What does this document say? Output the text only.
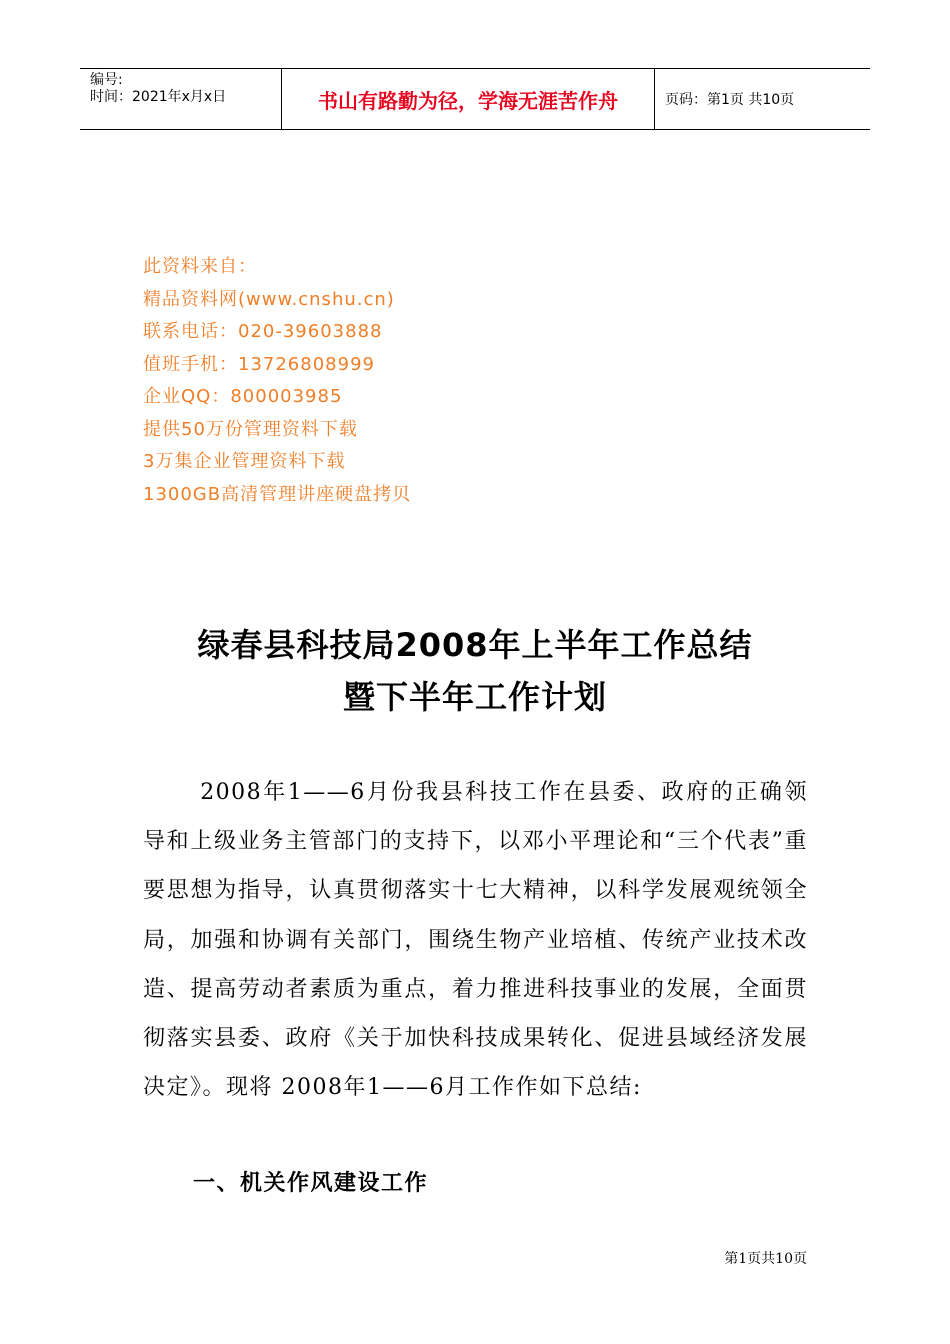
编号:
时间：2021年x月x日	书山有路勤为径，学海无涯苦作舟	页码：第1页 共10页
此资料来自：
精品资料网(www.cnshu.cn)
联系电话：020-39603888
值班手机：13726808999
企业QQ：800003985
提供50万份管理资料下载
3万集企业管理资料下载
1300GB高清管理讲座硬盘拷贝
绿春县科技局2008年上半年工作总结
暨下半年工作计划
2008年1——6月份我县科技工作在县委、政府的正确领导和上级业务主管部门的支持下，以邓小平理论和“三个代表”重要思想为指导，认真贯彻落实十七大精神，以科学发展观统领全局，加强和协调有关部门，围绕生物产业培植、传统产业技术改造、提高劳动者素质为重点，着力推进科技事业的发展，全面贯彻落实县委、政府《关于加快科技成果转化、促进县域经济发展决定》。现将 2008年1——6月工作作如下总结:
一、机关作风建设工作
第1页共10页
